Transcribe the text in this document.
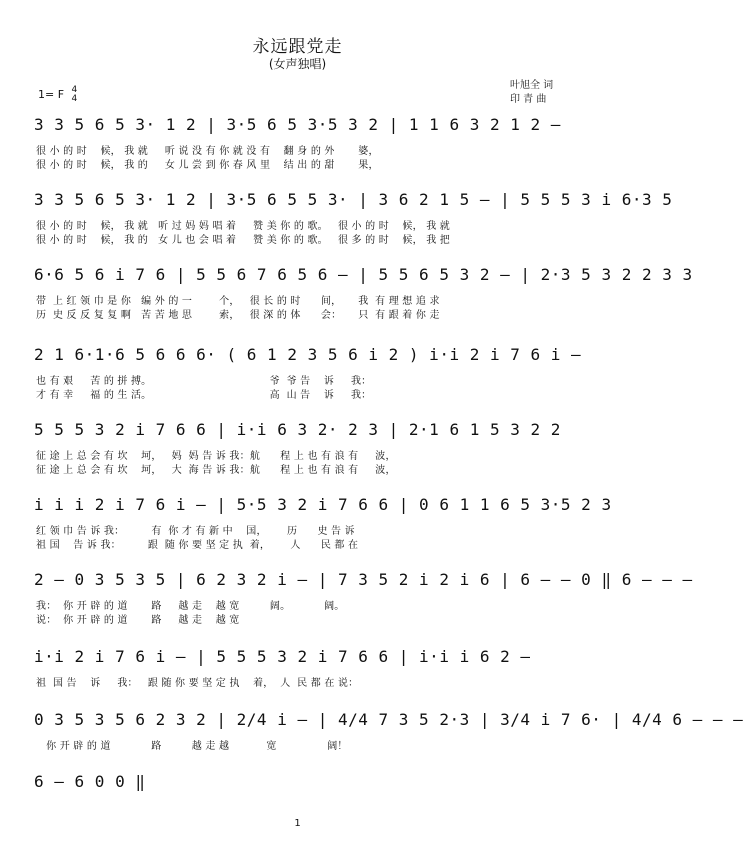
永远跟党走
(女声独唱)
叶旭全 词
印 青 曲
1= F 4
4
3 3 5 6 5 3· 1 2 | 3·5 6 5 3·5 3 2 | 1 1 6 3 2 1 2 –
很 小 的 时    候， 我 就     听 说 没 有 你 就 没 有    翻 身 的 外       婆，
很 小 的 时    候， 我 的     女 儿 尝 到 你 春 风 里    结 出 的 甜       果，
3 3 5 6 5 3· 1 2 | 3·5 6 5 5 3· | 3 6 2 1 5 – | 5 5 5 3 i 6·3 5
很 小 的 时    候， 我 就   听 过 妈 妈 唱 着     赞 美 你 的 歌。   很 小 的 时    候， 我 就
很 小 的 时    候， 我 的   女 儿 也 会 唱 着     赞 美 你 的 歌。   很 多 的 时    候， 我 把
6·6 5 6 i 7 6 | 5 5 6 7 6 5 6 – | 5 5 6 5 3 2 – | 2·3 5 3 2 2 3 3
带  上 红 领 巾 是 你   编 外 的 一        个，   很 长 的 时      间，     我  有 理 想 追 求
历  史 反 反 复 复 啊   苦 苦 地 思        索，   很 深 的 体      会：     只  有 跟 着 你 走
2 1 6·1·6 5 6 6 6· ( 6 1 2 3 5 6 i 2 ) i·i 2 i 7 6 i –
也 有 艰     苦 的 拼 搏。                                   爷  爷 告    诉     我：
才 有 幸     福 的 生 活。                                   高  山 告    诉     我：
5 5 5 3 2 i 7 6 6 | i·i 6 3 2· 2 3 | 2·1 6 1 5 3 2 2
征 途 上 总 会 有 坎    坷，   妈  妈 告 诉 我：航      程 上 也 有 浪 有     波，
征 途 上 总 会 有 坎    坷，   大  海 告 诉 我：航      程 上 也 有 浪 有     波，
i i i 2 i 7 6 i – | 5·5 3 2 i 7 6 6 | 0 6 1 1 6 5 3·5 2 3
红 领 巾 告 诉 我：        有  你 才 有 新 中    国，      历      史 告 诉
祖 国    告 诉 我：        跟  随 你 要 坚 定 执  着，      人      民 都 在
2 – 0 3 5 3 5 | 6 2 3 2 i – | 7 3 5 2 i 2 i 6 | 6 – – 0 ‖ 6 – – –
我：  你 开 辟 的 道       路     越 走    越 宽         阔。          阔。
说：  你 开 辟 的 道       路     越 走    越 宽
i·i 2 i 7 6 i – | 5 5 5 3 2 i 7 6 6 | i·i i 6 2 –
祖  国 告    诉     我：   跟 随 你 要 坚 定 执    着，  人  民 都 在 说：
0 3 5 3 5 6 2 3 2 | 2/4 i – | 4/4 7 3 5 2·3 | 3/4 i 7 6· | 4/4 6 – – –
你 开 辟 的 道            路         越 走 越           宽               阔！
6 – 6 0 0 ‖
1
